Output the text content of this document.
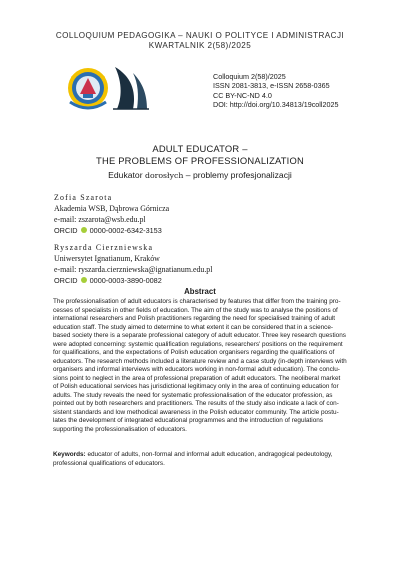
COLLOQUIUM PEDAGOGIKA – NAUKI O POLITYCE I ADMINISTRACJI
KWARTALNIK 2(58)/2025
Colloquium 2(58)/2025
ISSN 2081-3813, e-ISSN 2658-0365
CC BY-NC-ND 4.0
DOI: http://doi.org/10.34813/19coll2025
ADULT EDUCATOR –
THE PROBLEMS OF PROFESSIONALIZATION
Edukator dorosłych – problemy profesjonalizacji
Zofia Szarota
Akademia WSB, Dąbrowa Górnicza
e-mail: zszarota@wsb.edu.pl
ORCID 0000-0002-6342-3153
Ryszarda Cierzniewska
Uniwersytet Ignatianum, Kraków
e-mail: ryszarda.cierzniewska@ignatianum.edu.pl
ORCID 0000-0003-3890-0082
Abstract
The professionalisation of adult educators is characterised by features that differ from the training pro-
cesses of specialists in other fields of education. The aim of the study was to analyse the positions of
international researchers and Polish practitioners regarding the need for specialised training of adult
education staff. The study aimed to determine to what extent it can be considered that in a science-
based society there is a separate professional category of adult educator. Three key research questions
were adopted concerning: systemic qualification regulations, researchers' positions on the requirement
for qualifications, and the expectations of Polish education organisers regarding the qualifications of
educators. The research methods included a literature review and a case study (in-depth interviews with
organisers and informal interviews with educators working in non-formal adult education). The conclu-
sions point to neglect in the area of professional preparation of adult educators. The neoliberal market
of Polish educational services has jurisdictional legitimacy only in the area of continuing education for
adults. The study reveals the need for systematic professionalisation of the educator profession, as
pointed out by both researchers and practitioners. The results of the study also indicate a lack of con-
sistent standards and low methodical awareness in the Polish educator community. The article postu-
lates the development of integrated educational programmes and the introduction of regulations
supporting the professionalisation of educators.
Keywords: educator of adults, non-formal and informal adult education, andragogical pedeutology,
professional qualifications of educators.
